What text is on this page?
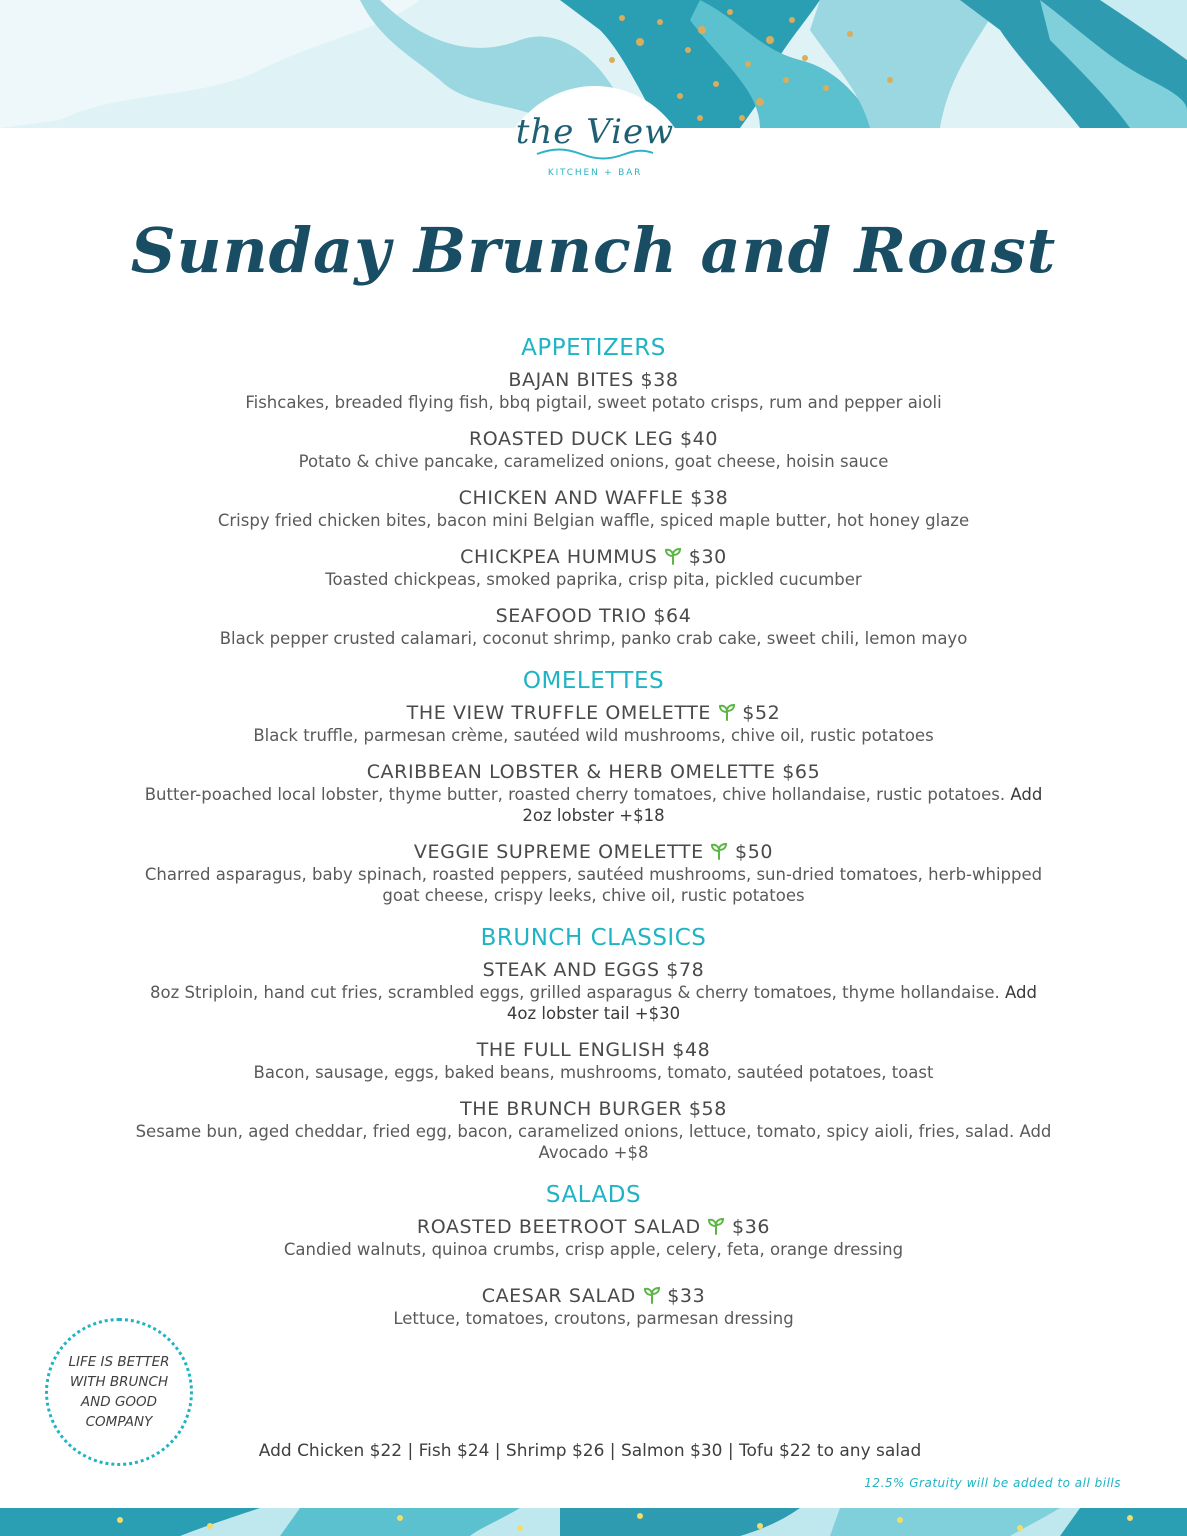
the View
KITCHEN + BAR
Sunday Brunch and Roast
APPETIZERS
BAJAN BITES $38
Fishcakes, breaded flying fish, bbq pigtail, sweet potato crisps, rum and pepper aioli
ROASTED DUCK LEG $40
Potato & chive pancake, caramelized onions, goat cheese, hoisin sauce
CHICKEN AND WAFFLE $38
Crispy fried chicken bites, bacon mini Belgian waffle, spiced maple butter, hot honey glaze
CHICKPEA HUMMUS $30
Toasted chickpeas, smoked paprika, crisp pita, pickled cucumber
SEAFOOD TRIO $64
Black pepper crusted calamari, coconut shrimp, panko crab cake, sweet chili, lemon mayo
OMELETTES
THE VIEW TRUFFLE OMELETTE $52
Black truffle, parmesan crème, sautéed wild mushrooms, chive oil, rustic potatoes
CARIBBEAN LOBSTER & HERB OMELETTE $65
Butter-poached local lobster, thyme butter, roasted cherry tomatoes, chive hollandaise, rustic potatoes. Add 2oz lobster +$18
VEGGIE SUPREME OMELETTE $50
Charred asparagus, baby spinach, roasted peppers, sautéed mushrooms, sun-dried tomatoes, herb-whipped goat cheese, crispy leeks, chive oil, rustic potatoes
BRUNCH CLASSICS
STEAK AND EGGS $78
8oz Striploin, hand cut fries, scrambled eggs, grilled asparagus & cherry tomatoes, thyme hollandaise. Add 4oz lobster tail +$30
THE FULL ENGLISH $48
Bacon, sausage, eggs, baked beans, mushrooms, tomato, sautéed potatoes, toast
THE BRUNCH BURGER $58
Sesame bun, aged cheddar, fried egg, bacon, caramelized onions, lettuce, tomato, spicy aioli, fries, salad. Add Avocado +$8
SALADS
ROASTED BEETROOT SALAD $36
Candied walnuts, quinoa crumbs, crisp apple, celery, feta, orange dressing
CAESAR SALAD $33
Lettuce, tomatoes, croutons, parmesan dressing
LIFE IS BETTER WITH BRUNCH AND GOOD COMPANY
Add Chicken $22 | Fish $24 | Shrimp $26 | Salmon $30 | Tofu $22 to any salad
12.5% Gratuity will be added to all bills
